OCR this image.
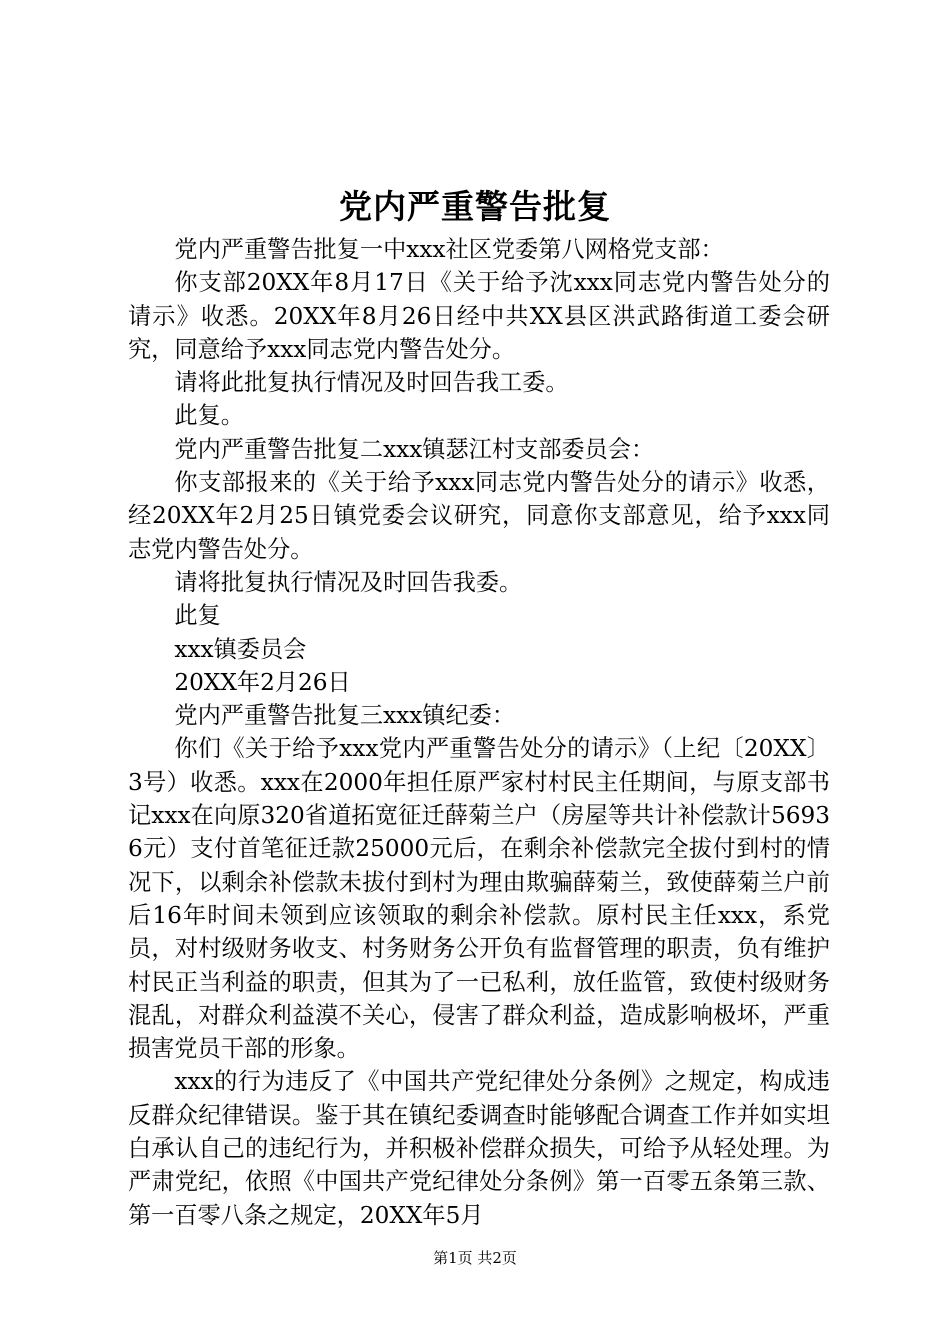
党内严重警告批复

党内严重警告批复一中xxx社区党委第八网格党支部：

你支部20XX年8月17日《关于给予沈xxx同志党内警告处分的请示》收悉。20XX年8月26日经中共XX县区洪武路街道工委会研究，同意给予xxx同志党内警告处分。

请将此批复执行情况及时回告我工委。

此复。

党内严重警告批复二xxx镇瑟江村支部委员会：

你支部报来的《关于给予xxx同志党内警告处分的请示》收悉，经20XX年2月25日镇党委会议研究，同意你支部意见，给予xxx同志党内警告处分。

请将批复执行情况及时回告我委。

此复

xxx镇委员会

20XX年2月26日

党内严重警告批复三xxx镇纪委：

你们《关于给予xxx党内严重警告处分的请示》（上纪〔20XX〕3号）收悉。xxx在2000年担任原严家村村民主任期间，与原支部书记xxx在向原320省道拓宽征迁薛菊兰户（房屋等共计补偿款计56936元）支付首笔征迁款25000元后，在剩余补偿款完全拔付到村的情况下，以剩余补偿款未拔付到村为理由欺骗薛菊兰，致使薛菊兰户前后16年时间未领到应该领取的剩余补偿款。原村民主任xxx，系党员，对村级财务收支、村务财务公开负有监督管理的职责，负有维护村民正当利益的职责，但其为了一已私利，放任监管，致使村级财务混乱，对群众利益漠不关心，侵害了群众利益，造成影响极坏，严重损害党员干部的形象。

xxx的行为违反了《中国共产党纪律处分条例》之规定，构成违反群众纪律错误。鉴于其在镇纪委调查时能够配合调查工作并如实坦白承认自己的违纪行为，并积极补偿群众损失，可给予从轻处理。为严肃党纪，依照《中国共产党纪律处分条例》第一百零五条第三款、第一百零八条之规定，20XX年5月

第1页 共2页
